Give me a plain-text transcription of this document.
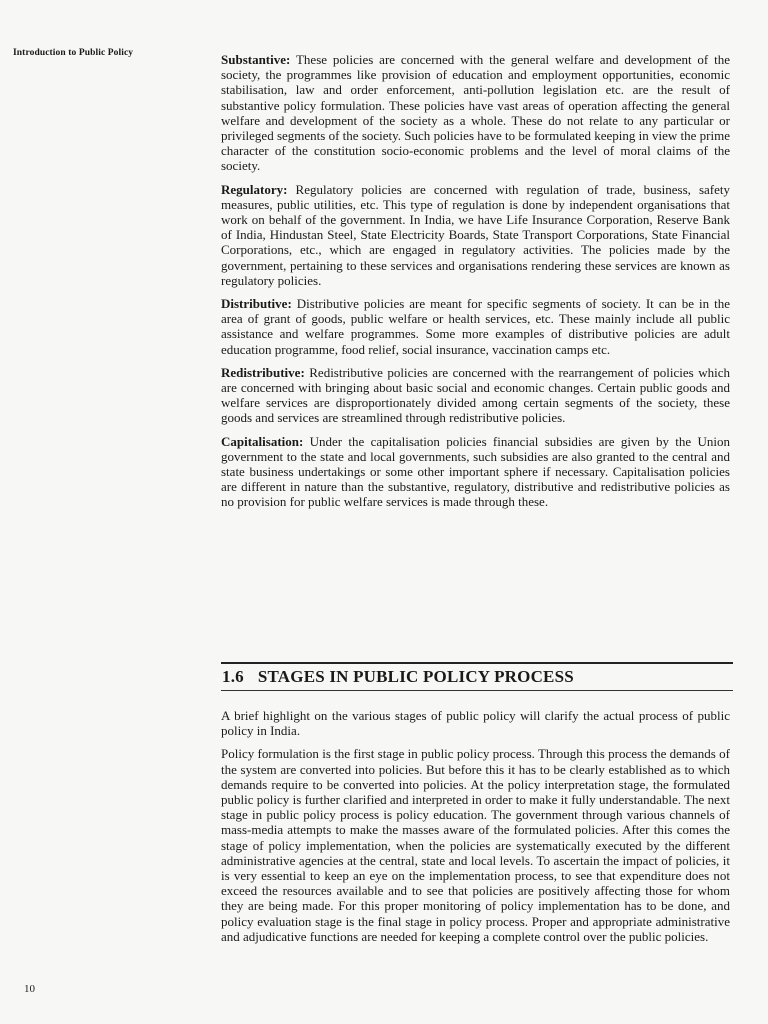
Introduction to Public Policy	Substantive: These policies are concerned with the general welfare and development of the society, the programmes like provision of education and employment opportunities, economic stabilisation, law and order enforcement, anti-pollution legislation etc. are the result of substantive policy formulation. These policies have vast areas of operation affecting the general welfare and development of the society as a whole. These do not relate to any particular or privileged segments of the society. Such policies have to be formulated keeping in view the prime character of the constitution socio-economic problems and the level of moral claims of the society.

Regulatory: Regulatory policies are concerned with regulation of trade, business, safety measures, public utilities, etc. This type of regulation is done by independent organisations that work on behalf of the government. In India, we have Life Insurance Corporation, Reserve Bank of India, Hindustan Steel, State Electricity Boards, State Transport Corporations, State Financial Corporations, etc., which are engaged in regulatory activities. The policies made by the government, pertaining to these services and organisations rendering these services are known as regulatory policies.

Distributive: Distributive policies are meant for specific segments of society. It can be in the area of grant of goods, public welfare or health services, etc. These mainly include all public assistance and welfare programmes. Some more examples of distributive policies are adult education programme, food relief, social insurance, vaccination camps etc.

Redistributive: Redistributive policies are concerned with the rearrangement of policies which are concerned with bringing about basic social and economic changes. Certain public goods and welfare services are disproportionately divided among certain segments of the society, these goods and services are streamlined through redistributive policies.

Capitalisation: Under the capitalisation policies financial subsidies are given by the Union government to the state and local governments, such subsidies are also granted to the central and state business undertakings or some other important sphere if necessary. Capitalisation policies are different in nature than the substantive, regulatory, distributive and redistributive policies as no provision for public welfare services is made through these.

1.6 STAGES IN PUBLIC POLICY PROCESS

A brief highlight on the various stages of public policy will clarify the actual process of public policy in India.

Policy formulation is the first stage in public policy process. Through this process the demands of the system are converted into policies. But before this it has to be clearly established as to which demands require to be converted into policies. At the policy interpretation stage, the formulated public policy is further clarified and interpreted in order to make it fully understandable. The next stage in public policy process is policy education. The government through various channels of mass-media attempts to make the masses aware of the formulated policies. After this comes the stage of policy implementation, when the policies are systematically executed by the different administrative agencies at the central, state and local levels. To ascertain the impact of policies, it is very essential to keep an eye on the implementation process, to see that expenditure does not exceed the resources available and to see that policies are positively affecting those for whom they are being made. For this proper monitoring of policy implementation has to be done, and policy evaluation stage is the final stage in policy process. Proper and appropriate administrative and adjudicative functions are needed for keeping a complete control over the public policies.

10
